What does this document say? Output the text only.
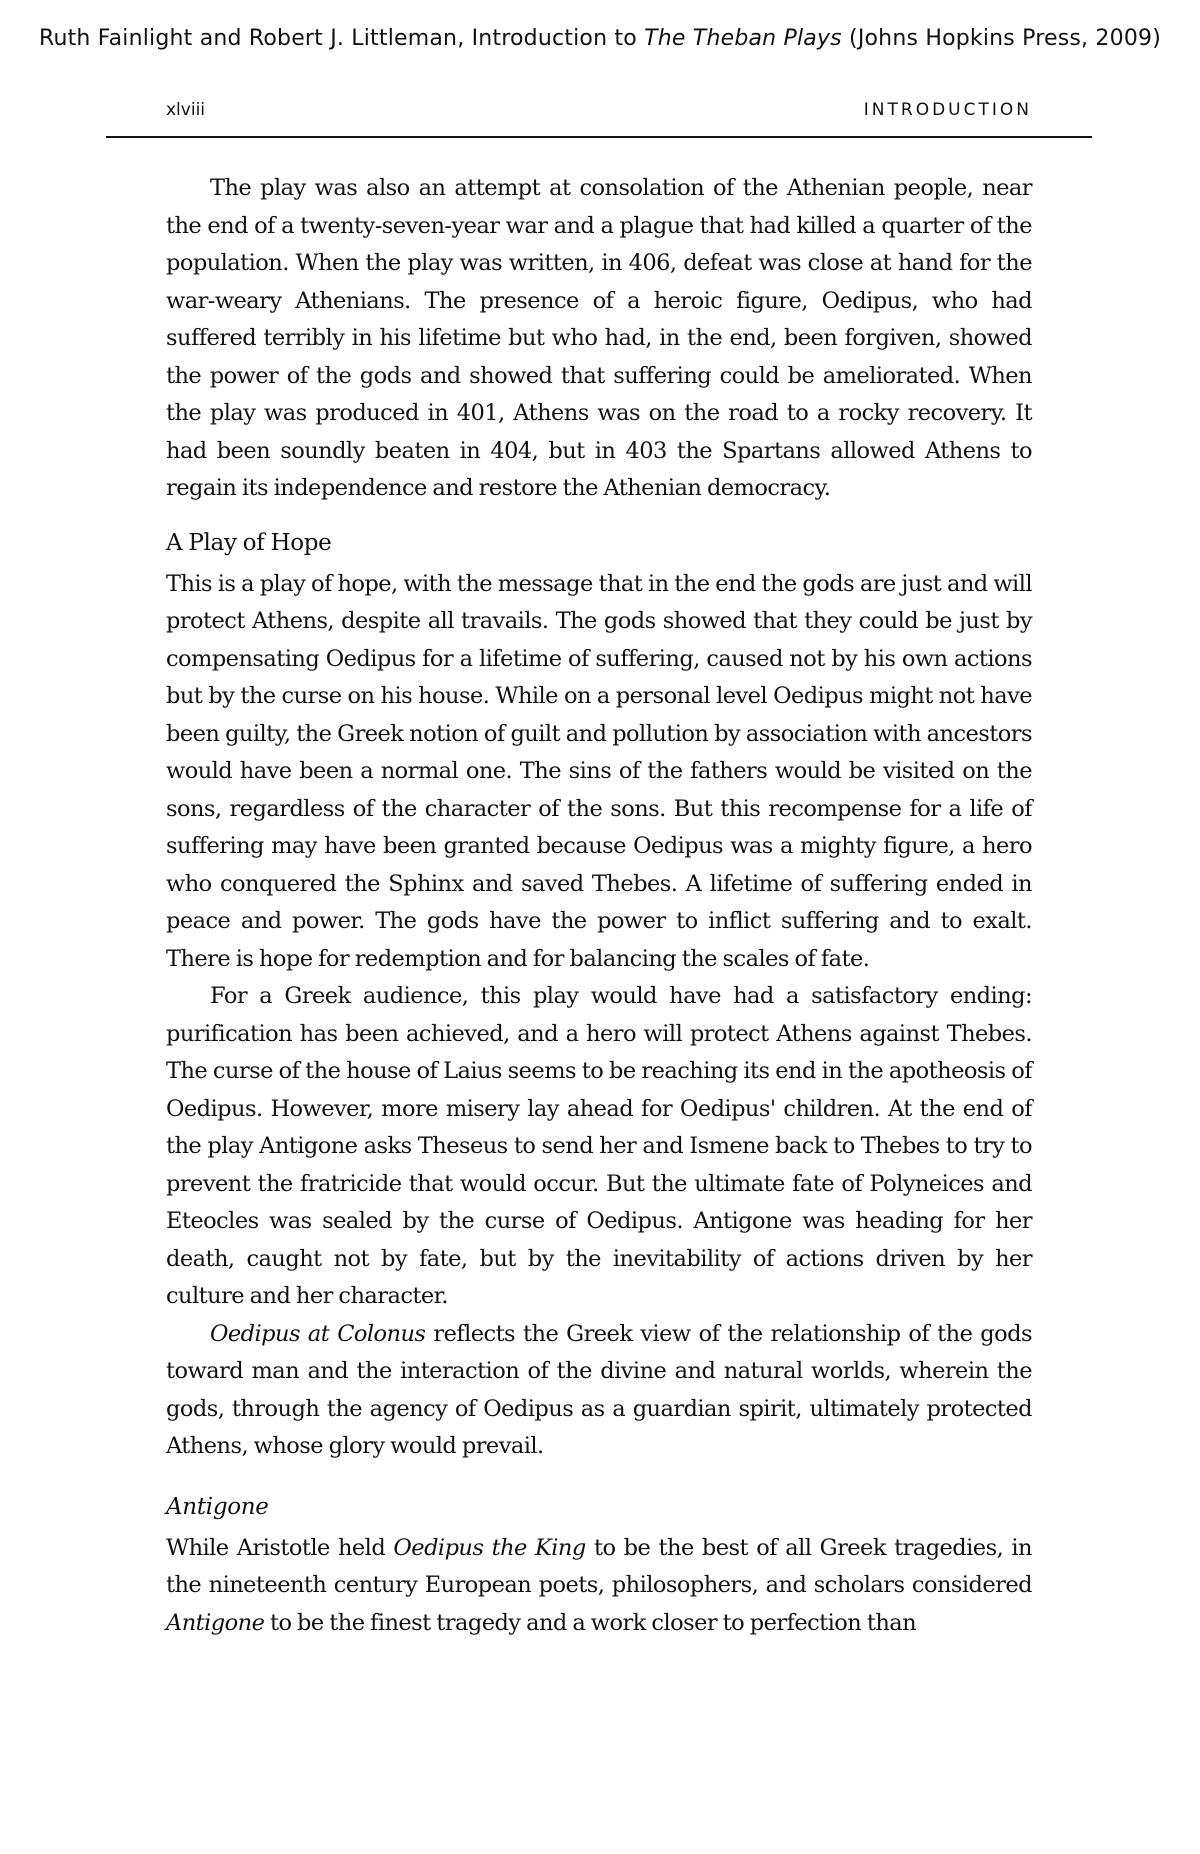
Ruth Fainlight and Robert J. Littleman, Introduction to The Theban Plays (Johns Hopkins Press, 2009)
xlviii	INTRODUCTION

The play was also an attempt at consolation of the Athenian people, near the end of a twenty-seven-year war and a plague that had killed a quarter of the population. When the play was written, in 406, defeat was close at hand for the war-weary Athenians. The presence of a heroic figure, Oedipus, who had suffered terribly in his lifetime but who had, in the end, been forgiven, showed the power of the gods and showed that suffering could be ameliorated. When the play was produced in 401, Athens was on the road to a rocky recovery. It had been soundly beaten in 404, but in 403 the Spartans allowed Athens to regain its independence and restore the Athenian democracy.

A Play of Hope

This is a play of hope, with the message that in the end the gods are just and will protect Athens, despite all travails. The gods showed that they could be just by compensating Oedipus for a lifetime of suffering, caused not by his own actions but by the curse on his house. While on a personal level Oedipus might not have been guilty, the Greek notion of guilt and pollution by association with ancestors would have been a normal one. The sins of the fathers would be visited on the sons, regardless of the character of the sons. But this recompense for a life of suffering may have been granted because Oedipus was a mighty figure, a hero who conquered the Sphinx and saved Thebes. A lifetime of suffering ended in peace and power. The gods have the power to inflict suffering and to exalt. There is hope for redemption and for balancing the scales of fate.

For a Greek audience, this play would have had a satisfactory ending: purification has been achieved, and a hero will protect Athens against Thebes. The curse of the house of Laius seems to be reaching its end in the apotheosis of Oedipus. However, more misery lay ahead for Oedipus' children. At the end of the play Antigone asks Theseus to send her and Ismene back to Thebes to try to prevent the fratricide that would occur. But the ultimate fate of Polyneices and Eteocles was sealed by the curse of Oedipus. Antigone was heading for her death, caught not by fate, but by the inevitability of actions driven by her culture and her character.

Oedipus at Colonus reflects the Greek view of the relationship of the gods toward man and the interaction of the divine and natural worlds, wherein the gods, through the agency of Oedipus as a guardian spirit, ultimately protected Athens, whose glory would prevail.

Antigone

While Aristotle held Oedipus the King to be the best of all Greek tragedies, in the nineteenth century European poets, philosophers, and scholars considered Antigone to be the finest tragedy and a work closer to perfection than
